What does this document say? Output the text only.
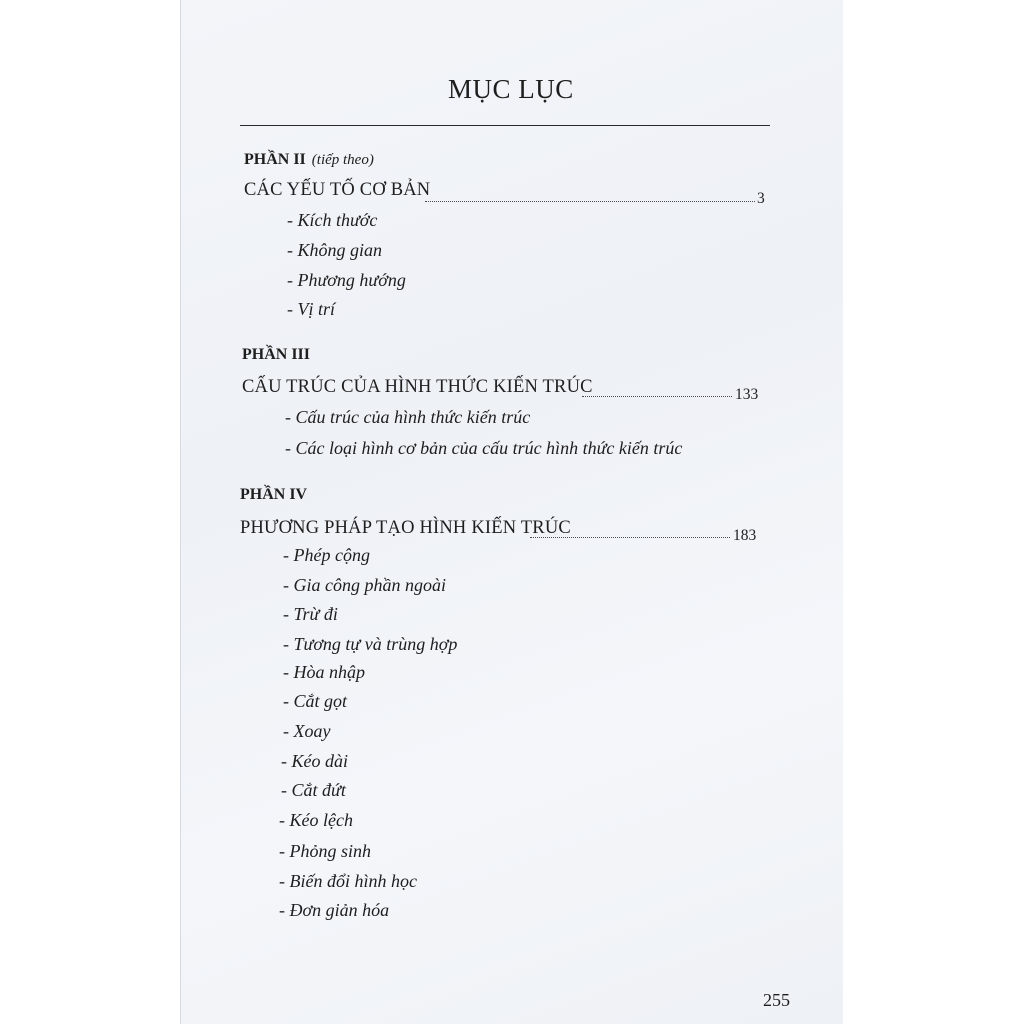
MỤC LỤC
PHẦN II (tiếp theo)
CÁC YẾU TỐ CƠ BẢN	3
- Kích thước
- Không gian
- Phương hướng
- Vị trí
PHẦN III
CẤU TRÚC CỦA HÌNH THỨC KIẾN TRÚC	133
- Cấu trúc của hình thức kiến trúc
- Các loại hình cơ bản của cấu trúc hình thức kiến trúc
PHẦN IV
PHƯƠNG PHÁP TẠO HÌNH KIẾN TRÚC	183
- Phép cộng
- Gia công phần ngoài
- Trừ đi
- Tương tự và trùng hợp
- Hòa nhập
- Cắt gọt
- Xoay
- Kéo dài
- Cắt đứt
- Kéo lệch
- Phỏng sinh
- Biến đổi hình học
- Đơn giản hóa
255
